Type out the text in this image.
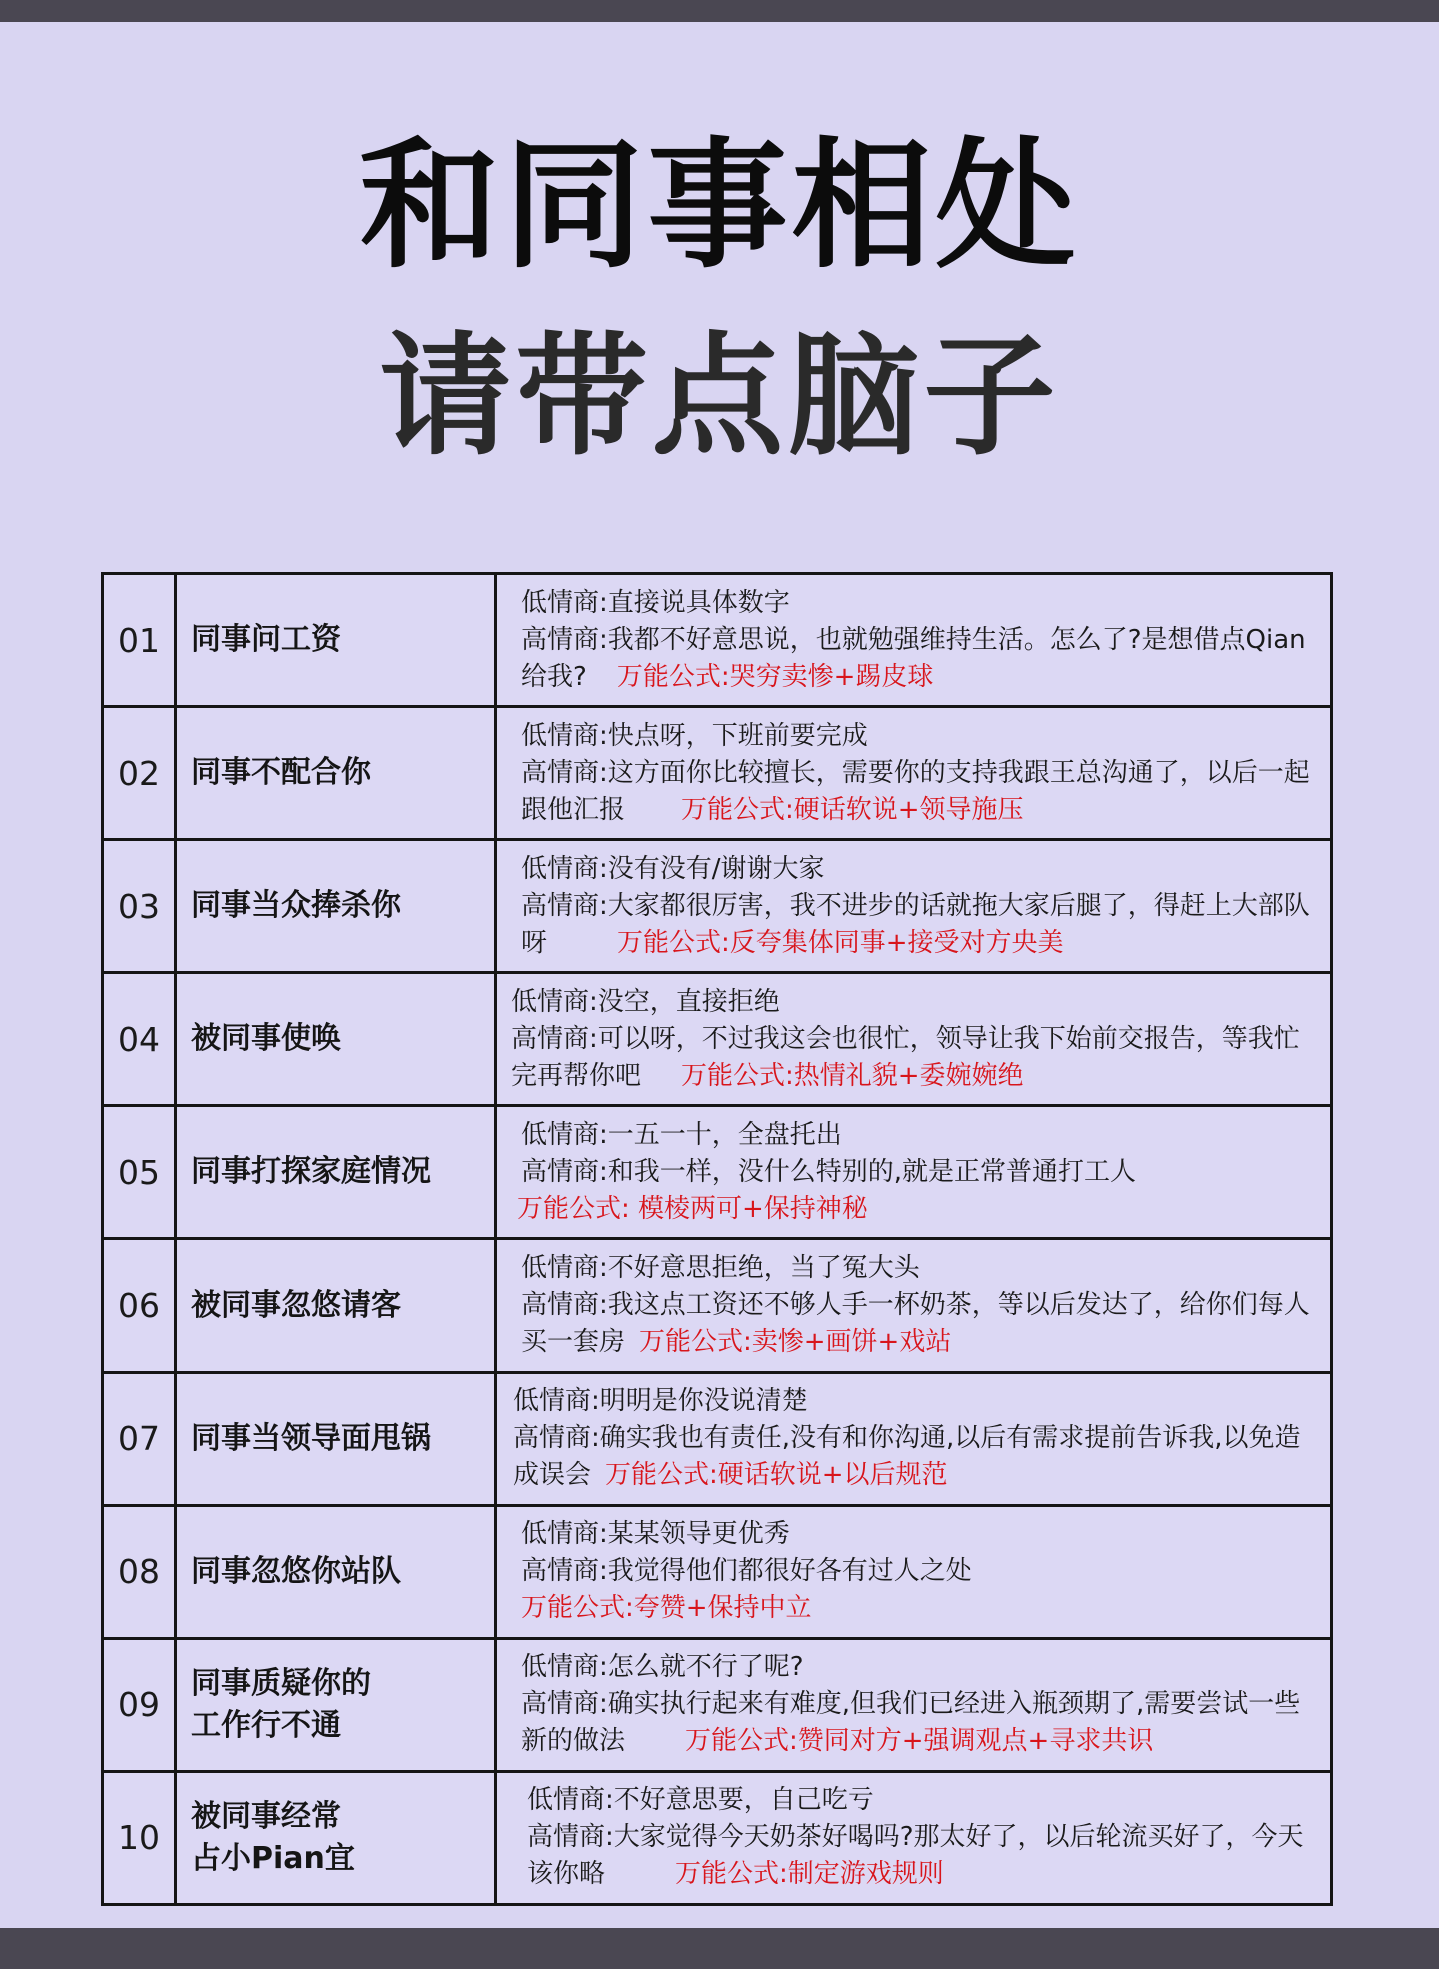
和同事相处
请带点脑子
01	同事问工资	低情商:直接说具体数字
高情商:我都不好意思说，也就勉强维持生活。怎么了?是想借点Qian给我? 万能公式:哭穷卖惨+踢皮球
02	同事不配合你	低情商:快点呀，下班前要完成
高情商:这方面你比较擅长，需要你的支持我跟王总沟通了，以后一起跟他汇报 万能公式:硬话软说+领导施压
03	同事当众捧杀你	低情商:没有没有/谢谢大家
高情商:大家都很厉害，我不进步的话就拖大家后腿了，得赶上大部队呀 万能公式:反夸集体同事+接受对方央美
04	被同事使唤	低情商:没空，直接拒绝
高情商:可以呀，不过我这会也很忙，领导让我下始前交报告，等我忙完再帮你吧 万能公式:热情礼貌+委婉婉绝
05	同事打探家庭情况	低情商:一五一十，全盘托出
高情商:和我一样，没什么特别的,就是正常普通打工人
万能公式: 模棱两可+保持神秘
06	被同事忽悠请客	低情商:不好意思拒绝，当了冤大头
高情商:我这点工资还不够人手一杯奶茶，等以后发达了，给你们每人买一套房 万能公式:卖惨+画饼+戏站
07	同事当领导面甩锅	低情商:明明是你没说清楚
高情商:确实我也有责任,没有和你沟通,以后有需求提前告诉我,以免造成误会 万能公式:硬话软说+以后规范
08	同事忽悠你站队	低情商:某某领导更优秀
高情商:我觉得他们都很好各有过人之处
万能公式:夸赞+保持中立
09	同事质疑你的
工作行不通	低情商:怎么就不行了呢?
高情商:确实执行起来有难度,但我们已经进入瓶颈期了,需要尝试一些新的做法 万能公式:赞同对方+强调观点+寻求共识
10	被同事经常
占小Pian宜	低情商:不好意思要，自己吃亏
高情商:大家觉得今天奶茶好喝吗?那太好了，以后轮流买好了，今天该你略 万能公式:制定游戏规则
